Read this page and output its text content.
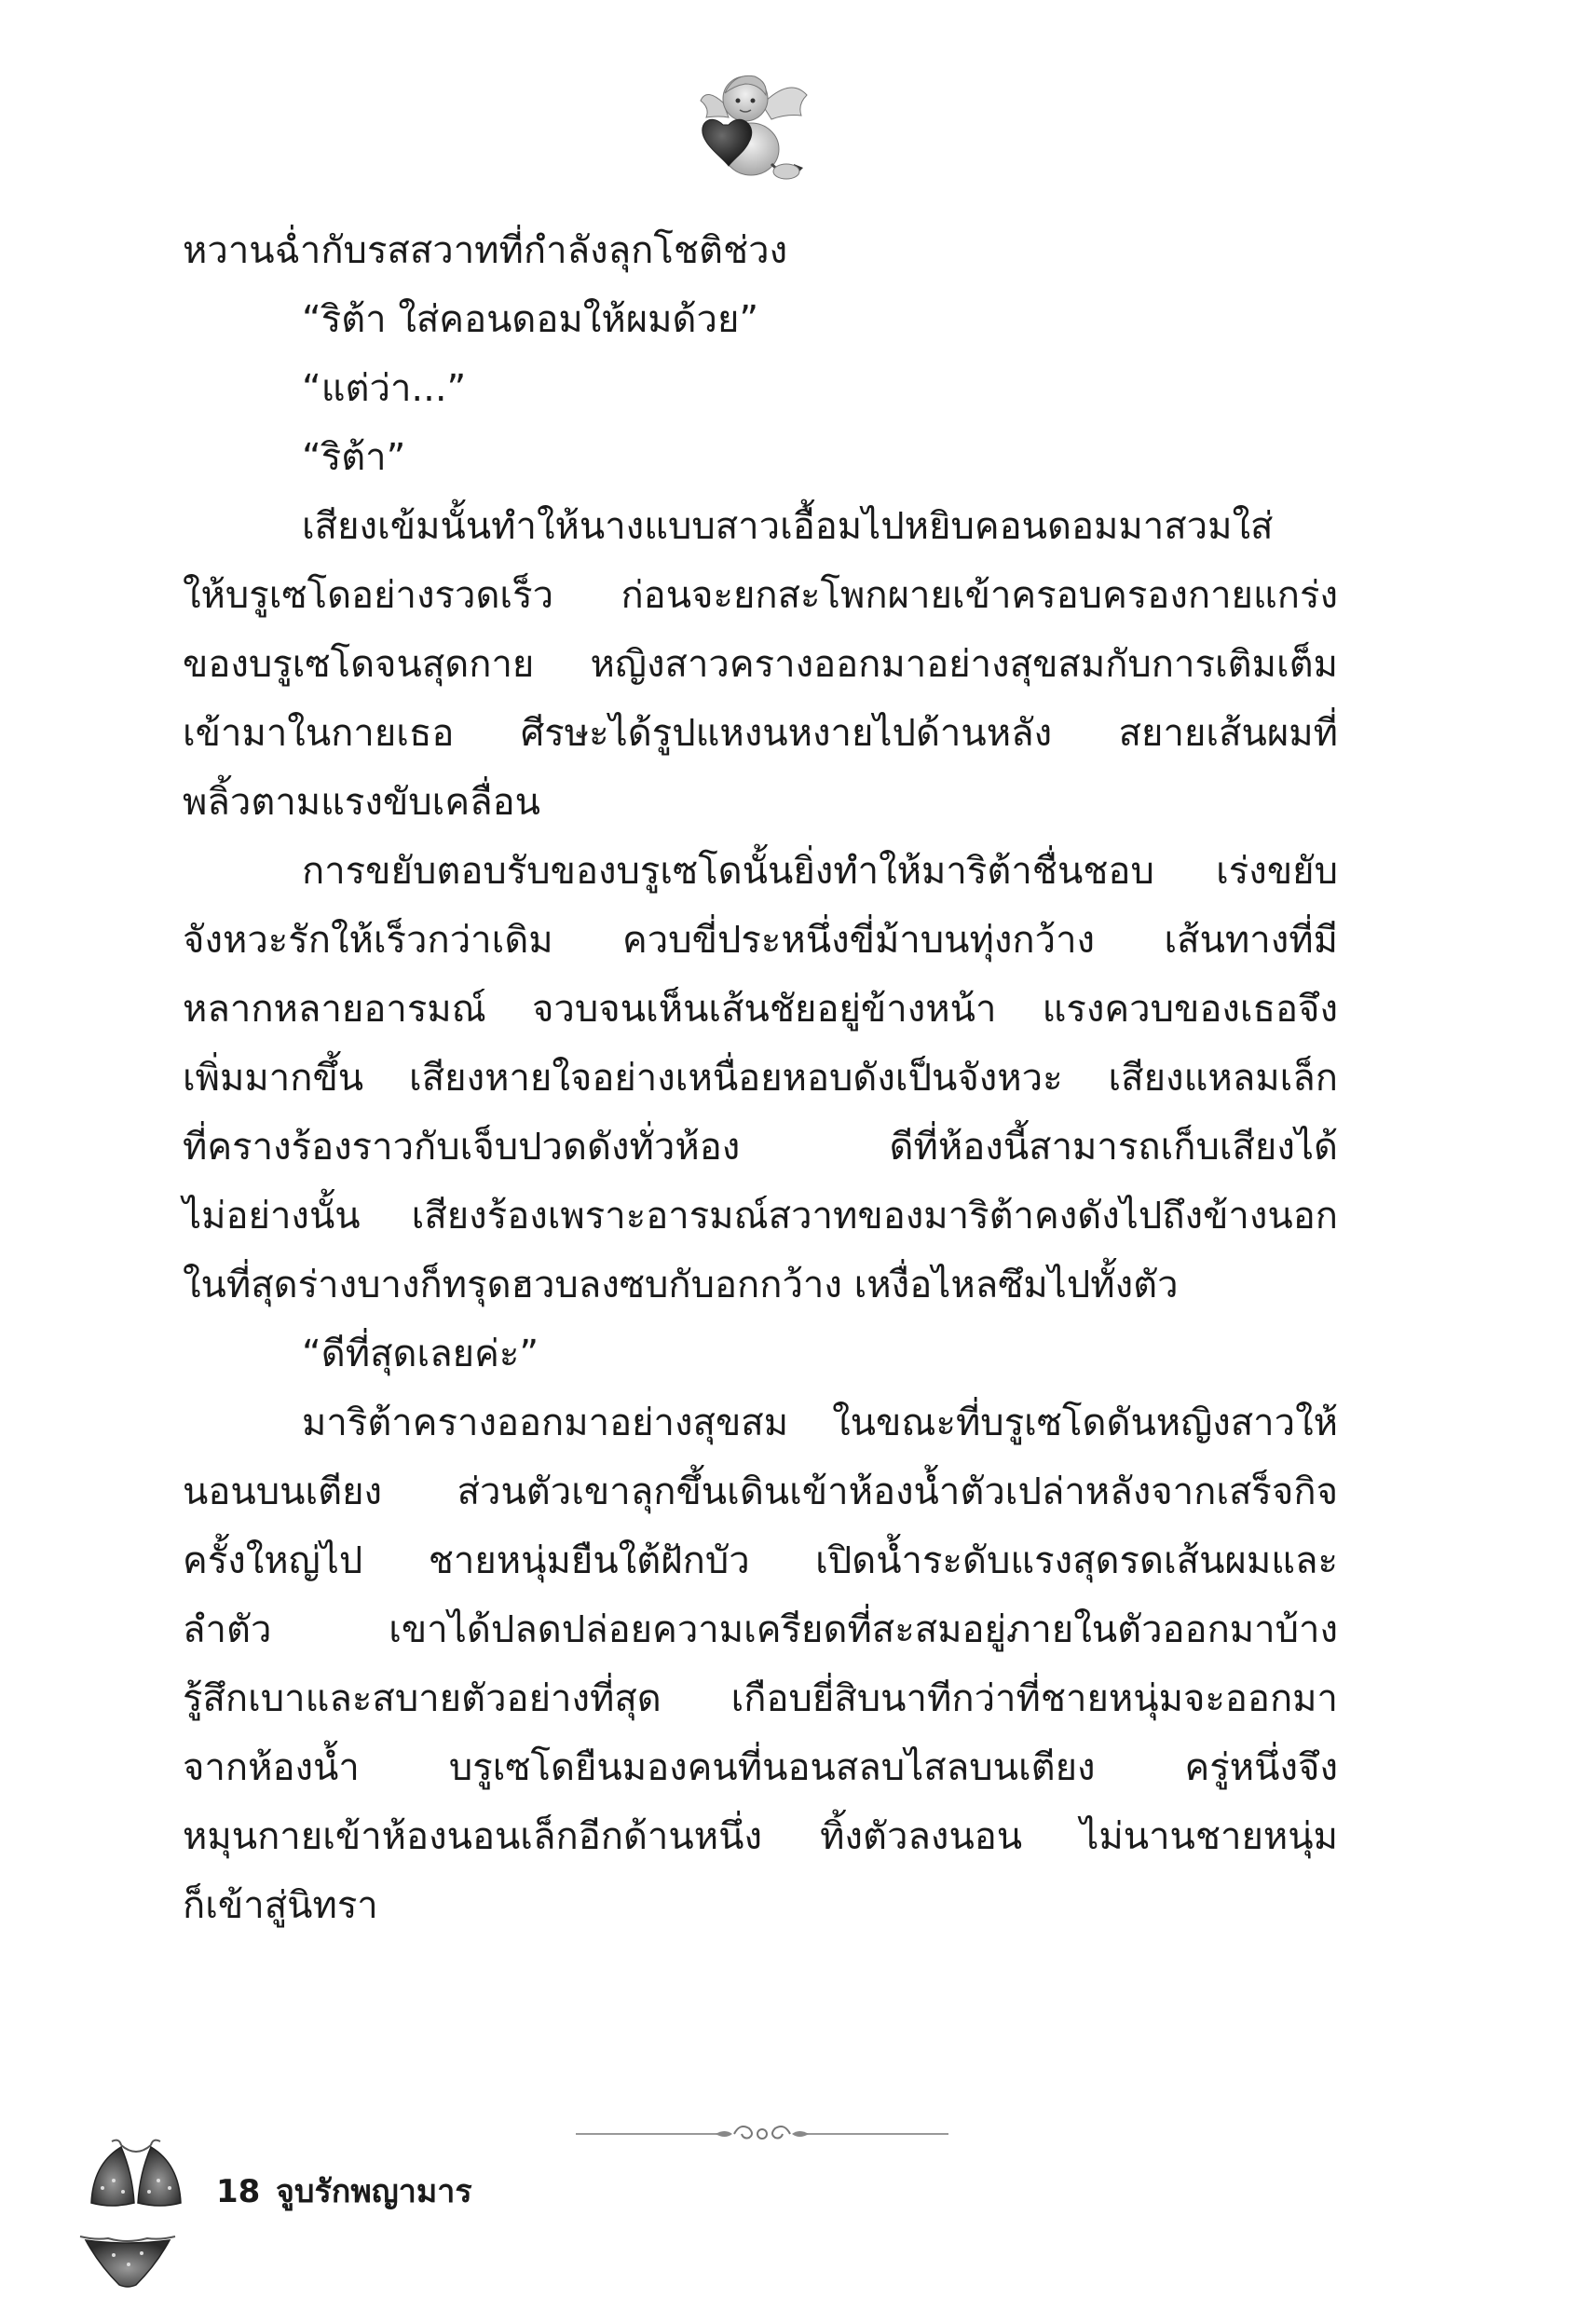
หวานฉ่ำกับรสสวาทที่กำลังลุกโชติช่วง
“ริต้า ใส่คอนดอมให้ผมด้วย”
“แต่ว่า...”
“ริต้า”
เสียงเข้มนั้นทำให้นางแบบสาวเอื้อมไปหยิบคอนดอมมาสวมใส่
ให้บรูเซโดอย่างรวดเร็ว ก่อนจะยกสะโพกผายเข้าครอบครองกายแกร่ง
ของบรูเซโดจนสุดกาย หญิงสาวครางออกมาอย่างสุขสมกับการเติมเต็ม
เข้ามาในกายเธอ ศีรษะได้รูปแหงนหงายไปด้านหลัง สยายเส้นผมที่
พลิ้วตามแรงขับเคลื่อน
การขยับตอบรับของบรูเซโดนั้นยิ่งทำให้มาริต้าชื่นชอบ เร่งขยับ
จังหวะรักให้เร็วกว่าเดิม ควบขี่ประหนึ่งขี่ม้าบนทุ่งกว้าง เส้นทางที่มี
หลากหลายอารมณ์ จวบจนเห็นเส้นชัยอยู่ข้างหน้า แรงควบของเธอจึง
เพิ่มมากขึ้น เสียงหายใจอย่างเหนื่อยหอบดังเป็นจังหวะ เสียงแหลมเล็ก
ที่ครางร้องราวกับเจ็บปวดดังทั่วห้อง ดีที่ห้องนี้สามารถเก็บเสียงได้
ไม่อย่างนั้น เสียงร้องเพราะอารมณ์สวาทของมาริต้าคงดังไปถึงข้างนอก
ในที่สุดร่างบางก็ทรุดฮวบลงซบกับอกกว้าง เหงื่อไหลซึมไปทั้งตัว
“ดีที่สุดเลยค่ะ”
มาริต้าครางออกมาอย่างสุขสม ในขณะที่บรูเซโดดันหญิงสาวให้
นอนบนเตียง ส่วนตัวเขาลุกขึ้นเดินเข้าห้องน้ำตัวเปล่าหลังจากเสร็จกิจ
ครั้งใหญ่ไป ชายหนุ่มยืนใต้ฝักบัว เปิดน้ำระดับแรงสุดรดเส้นผมและ
ลำตัว เขาได้ปลดปล่อยความเครียดที่สะสมอยู่ภายในตัวออกมาบ้าง
รู้สึกเบาและสบายตัวอย่างที่สุด เกือบยี่สิบนาทีกว่าที่ชายหนุ่มจะออกมา
จากห้องน้ำ บรูเซโดยืนมองคนที่นอนสลบไสลบนเตียง ครู่หนึ่งจึง
หมุนกายเข้าห้องนอนเล็กอีกด้านหนึ่ง ทิ้งตัวลงนอน ไม่นานชายหนุ่ม
ก็เข้าสู่นิทรา
18 จูบรักพญามาร
